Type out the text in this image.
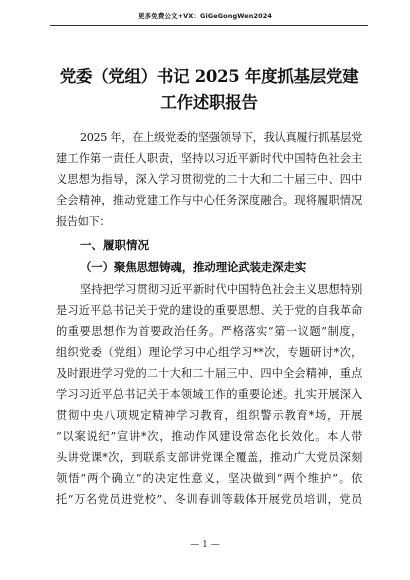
更多免费公文+VX：GiGeGongWen2024
党委（党组）书记 2025 年度抓基层党建
工作述职报告
2025 年，在上级党委的坚强领导下，我认真履行抓基层党
建工作第一责任人职责，坚持以习近平新时代中国特色社会主
义思想为指导，深入学习贯彻党的二十大和二十届三中、四中
全会精神，推动党建工作与中心任务深度融合。现将履职情况
报告如下：
一、履职情况
（一）聚焦思想铸魂，推动理论武装走深走实
坚持把学习贯彻习近平新时代中国特色社会主义思想特别
是习近平总书记关于党的建设的重要思想、关于党的自我革命
的重要思想作为首要政治任务。严格落实“第一议题”制度，
组织党委（党组）理论学习中心组学习**次，专题研讨*次，
及时跟进学习党的二十大和二十届三中、四中全会精神，重点
学习习近平总书记关于本领域工作的重要论述。扎实开展深入
贯彻中央八项规定精神学习教育，组织警示教育*场，开展
“以案说纪”宣讲*次，推动作风建设常态化长效化。本人带
头讲党课*次，到联系支部讲党课全覆盖，推动广大党员深刻
领悟“两个确立”的决定性意义，坚决做到“两个维护”。依
托“万名党员进党校”、冬训春训等载体开展党员培训，党员
— 1 —
